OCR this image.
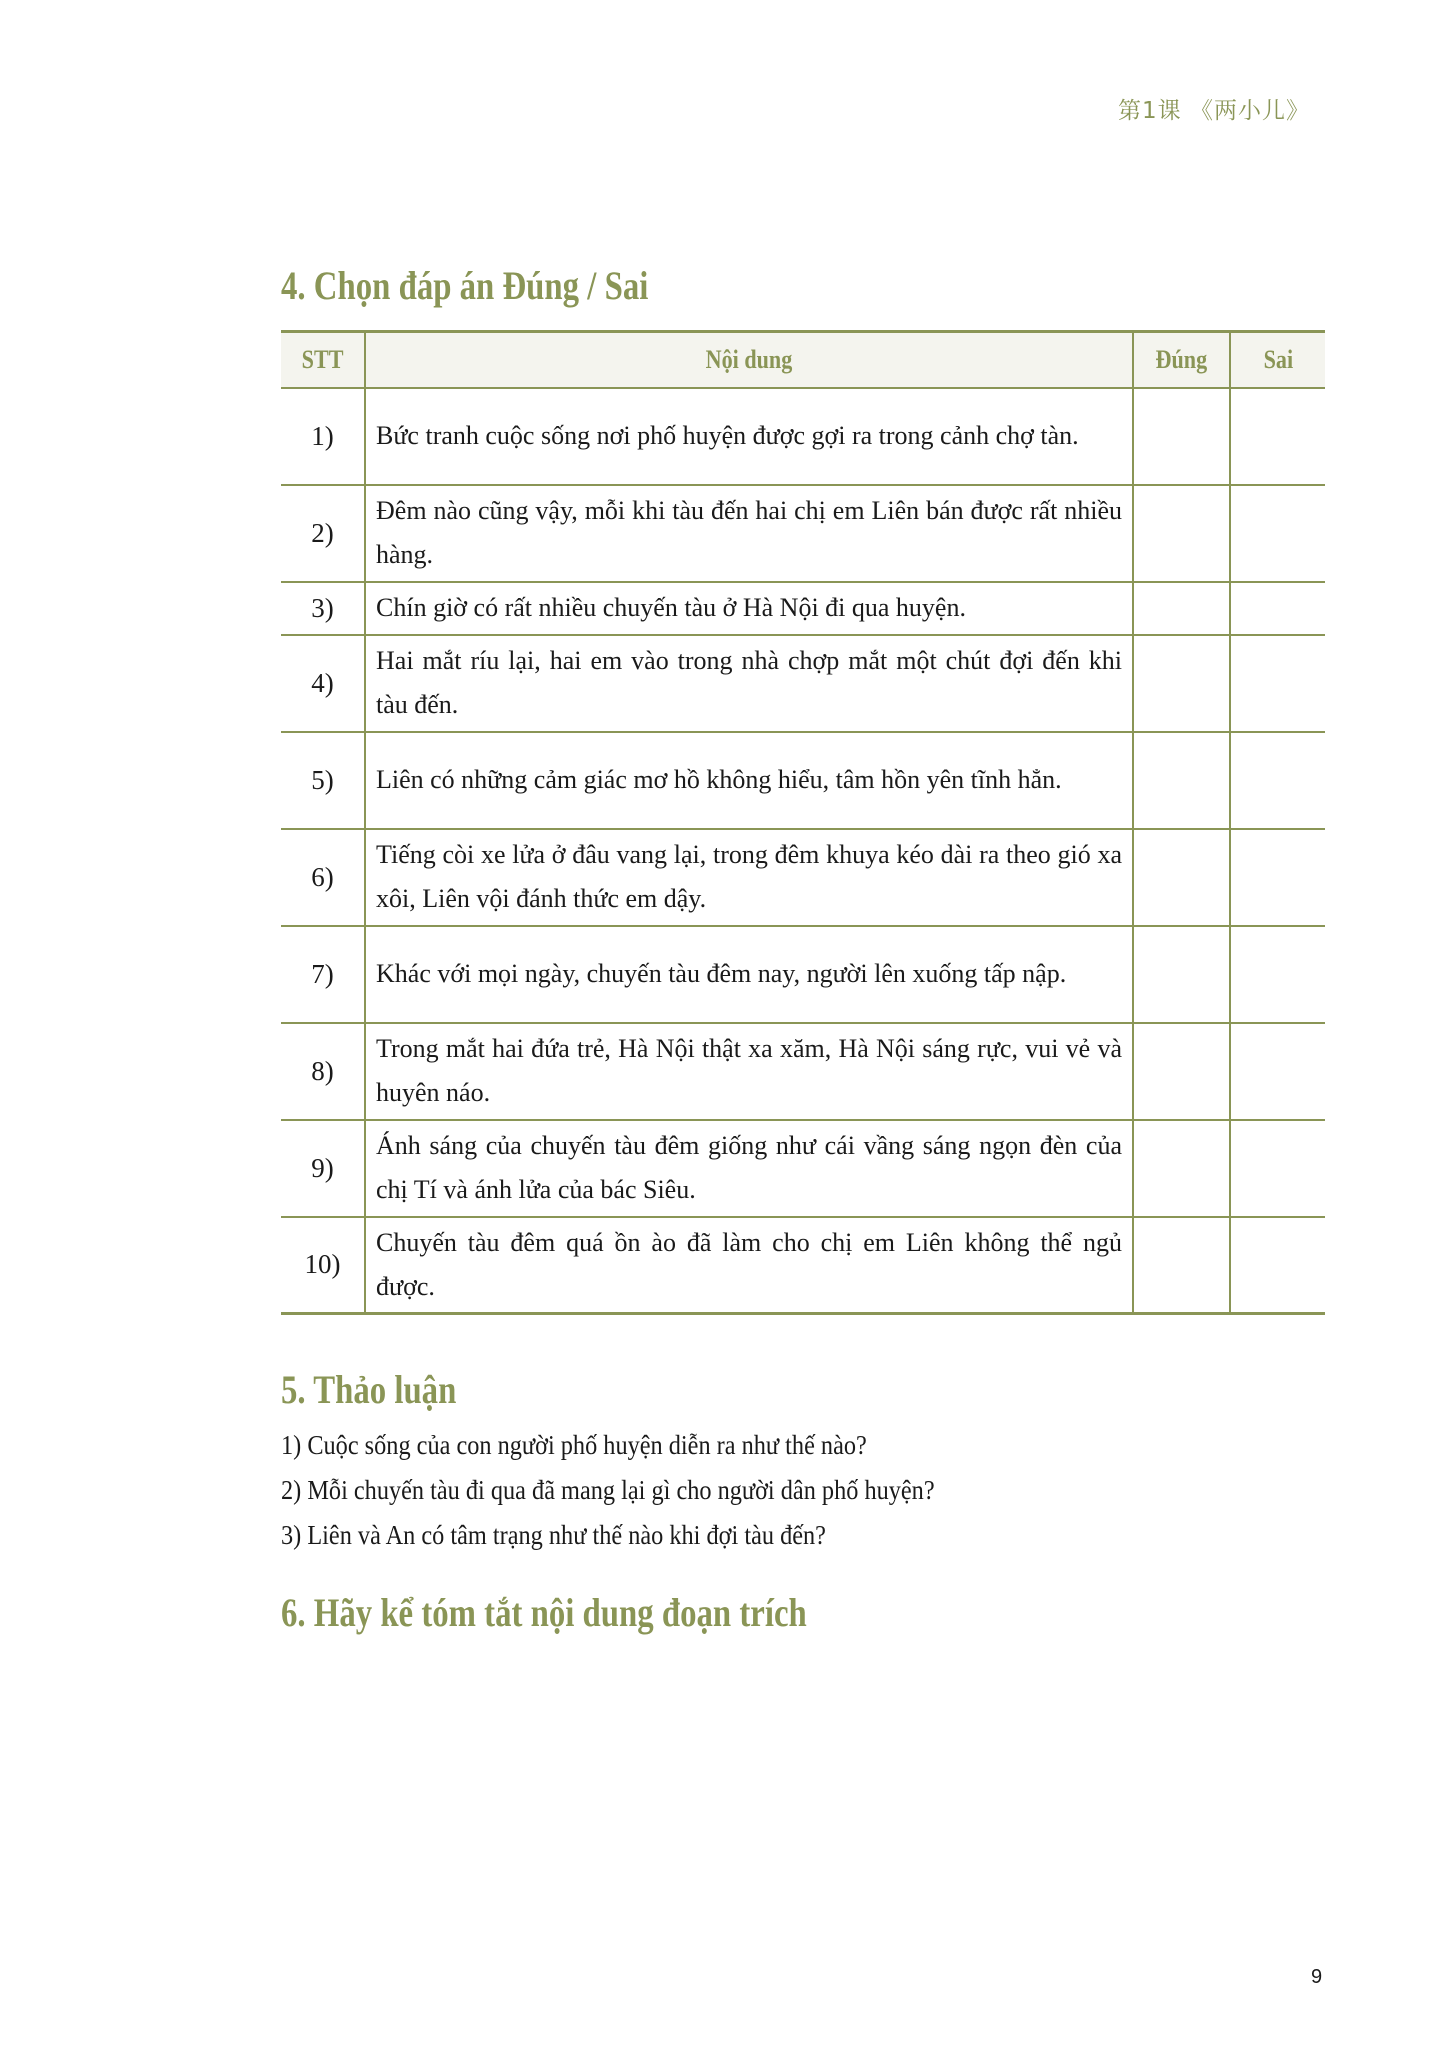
第1课 《两小儿》
4. Chọn đáp án Đúng / Sai
STT	Nội dung	Đúng	Sai
1)	Bức tranh cuộc sống nơi phố huyện được gợi ra trong cảnh chợ tàn.		
2)	Đêm nào cũng vậy, mỗi khi tàu đến hai chị em Liên bán được rất nhiều hàng.		
3)	Chín giờ có rất nhiều chuyến tàu ở Hà Nội đi qua huyện.		
4)	Hai mắt ríu lại, hai em vào trong nhà chợp mắt một chút đợi đến khi tàu đến.		
5)	Liên có những cảm giác mơ hồ không hiểu, tâm hồn yên tĩnh hẳn.		
6)	Tiếng còi xe lửa ở đâu vang lại, trong đêm khuya kéo dài ra theo gió xa xôi, Liên vội đánh thức em dậy.		
7)	Khác với mọi ngày, chuyến tàu đêm nay, người lên xuống tấp nập.		
8)	Trong mắt hai đứa trẻ, Hà Nội thật xa xăm, Hà Nội sáng rực, vui vẻ và huyên náo.		
9)	Ánh sáng của chuyến tàu đêm giống như cái vầng sáng ngọn đèn của chị Tí và ánh lửa của bác Siêu.		
10)	Chuyến tàu đêm quá ồn ào đã làm cho chị em Liên không thể ngủ được.		
5. Thảo luận
1) Cuộc sống của con người phố huyện diễn ra như thế nào?
2) Mỗi chuyến tàu đi qua đã mang lại gì cho người dân phố huyện?
3) Liên và An có tâm trạng như thế nào khi đợi tàu đến?
6. Hãy kể tóm tắt nội dung đoạn trích
9
